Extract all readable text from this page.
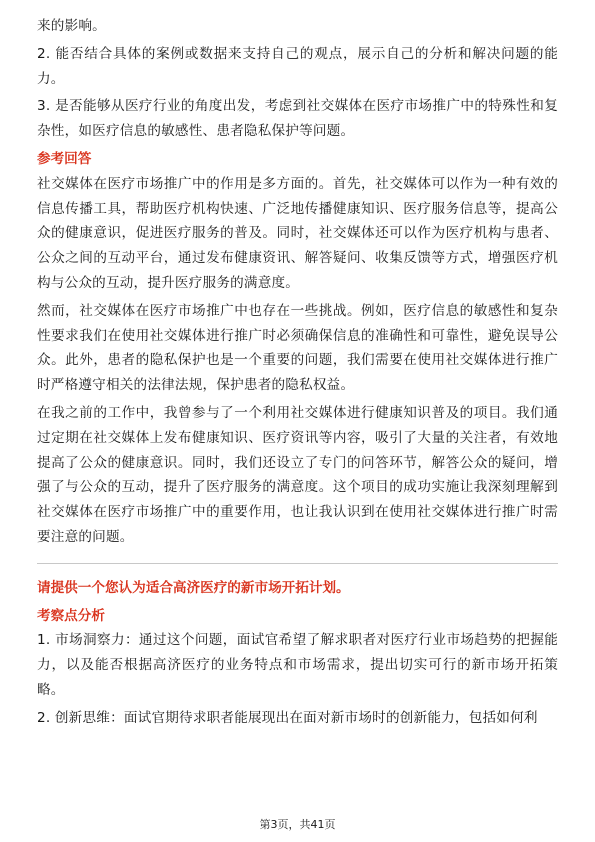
来的影响。

2. 能否结合具体的案例或数据来支持自己的观点，展示自己的分析和解决问题的能力。

3. 是否能够从医疗行业的角度出发，考虑到社交媒体在医疗市场推广中的特殊性和复杂性，如医疗信息的敏感性、患者隐私保护等问题。

参考回答

社交媒体在医疗市场推广中的作用是多方面的。首先，社交媒体可以作为一种有效的信息传播工具，帮助医疗机构快速、广泛地传播健康知识、医疗服务信息等，提高公众的健康意识，促进医疗服务的普及。同时，社交媒体还可以作为医疗机构与患者、公众之间的互动平台，通过发布健康资讯、解答疑问、收集反馈等方式，增强医疗机构与公众的互动，提升医疗服务的满意度。

然而，社交媒体在医疗市场推广中也存在一些挑战。例如，医疗信息的敏感性和复杂性要求我们在使用社交媒体进行推广时必须确保信息的准确性和可靠性，避免误导公众。此外，患者的隐私保护也是一个重要的问题，我们需要在使用社交媒体进行推广时严格遵守相关的法律法规，保护患者的隐私权益。

在我之前的工作中，我曾参与了一个利用社交媒体进行健康知识普及的项目。我们通过定期在社交媒体上发布健康知识、医疗资讯等内容，吸引了大量的关注者，有效地提高了公众的健康意识。同时，我们还设立了专门的问答环节，解答公众的疑问，增强了与公众的互动，提升了医疗服务的满意度。这个项目的成功实施让我深刻理解到社交媒体在医疗市场推广中的重要作用，也让我认识到在使用社交媒体进行推广时需要注意的问题。

请提供一个您认为适合高济医疗的新市场开拓计划。
考察点分析

1. 市场洞察力：通过这个问题，面试官希望了解求职者对医疗行业市场趋势的把握能力，以及能否根据高济医疗的业务特点和市场需求，提出切实可行的新市场开拓策略。

2. 创新思维：面试官期待求职者能展现出在面对新市场时的创新能力，包括如何利

第3页，共41页
